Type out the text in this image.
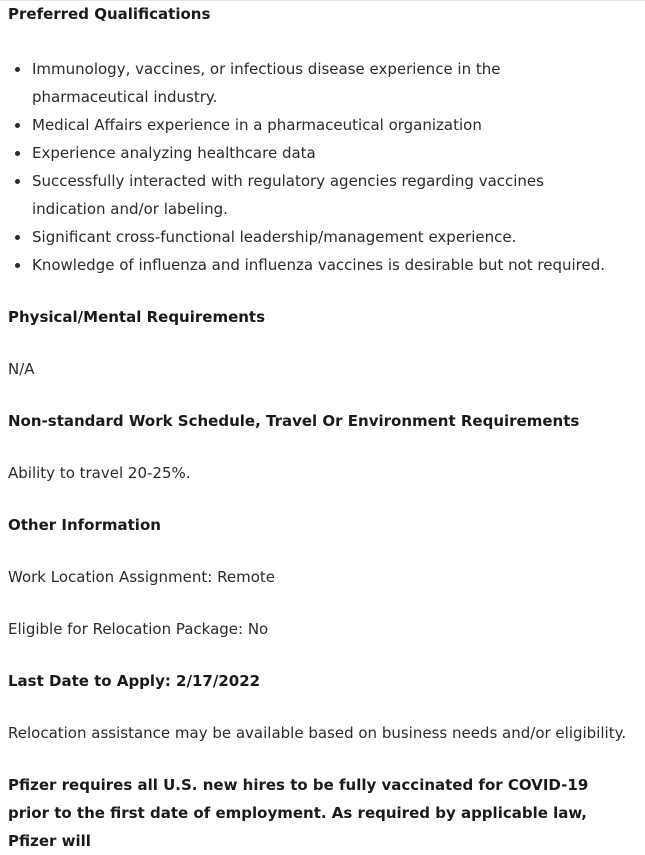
Preferred Qualifications
Immunology, vaccines, or infectious disease experience in the pharmaceutical industry.
Medical Affairs experience in a pharmaceutical organization
Experience analyzing healthcare data
Successfully interacted with regulatory agencies regarding vaccines indication and/or labeling.
Significant cross-functional leadership/management experience.
Knowledge of influenza and influenza vaccines is desirable but not required.
Physical/Mental Requirements
N/A
Non-standard Work Schedule, Travel Or Environment Requirements
Ability to travel 20-25%.
Other Information
Work Location Assignment: Remote
Eligible for Relocation Package: No
Last Date to Apply: 2/17/2022
Relocation assistance may be available based on business needs and/or eligibility.
Pfizer requires all U.S. new hires to be fully vaccinated for COVID-19 prior to the first date of employment. As required by applicable law, Pfizer will
